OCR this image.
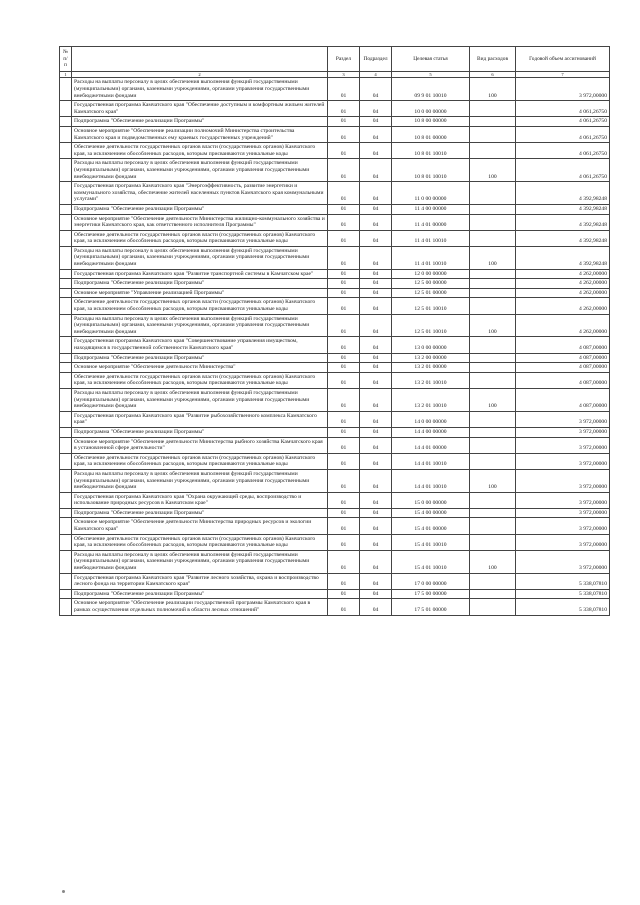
№ п/п		Раздел	Подраздел	Целевая статья	Вид расходов	Годовой объем ассигнований
1	2	3	4	5	6	7
	Расходы на выплаты персоналу в целях обеспечения выполнения функций государственными (муниципальными) органами, казенными учреждениями, органами управления государственными внебюджетными фондами	01	04	09 9 01 10010	100	3 972,00000
	Государственная программа Камчатского края "Обеспечение доступным и комфортным жильем жителей Камчатского края"	01	04	10 0 00 00000		4 061,26750
	Подпрограмма "Обеспечение реализации Программы"	01	04	10 8 00 00000		4 061,26750
	Основное мероприятие "Обеспечение реализации полномочий Министерства строительства Камчатского края и подведомственных ему краевых государственных учреждений"	01	04	10 8 01 00000		4 061,26750
	Обеспечение деятельности государственных органов власти (государственных органов) Камчатского края, за исключением обособленных расходов, которым присваиваются уникальные коды	01	04	10 8 01 10010		4 061,26750
	Расходы на выплаты персоналу в целях обеспечения выполнения функций государственными (муниципальными) органами, казенными учреждениями, органами управления государственными внебюджетными фондами	01	04	10 8 01 10010	100	4 061,26750
	Государственная программа Камчатского края "Энергоэффективность, развитие энергетики и коммунального хозяйства, обеспечение жителей населенных пунктов Камчатского края коммунальными услугами"	01	04	11 0 00 00000		4 392,98248
	Подпрограмма "Обеспечение реализации Программы"	01	04	11 4 00 00000		4 392,98248
	Основное мероприятие "Обеспечение деятельности Министерства жилищно-коммунального хозяйства и энергетики Камчатского края, как ответственного исполнителя Программы"	01	04	11 4 01 00000		4 392,98248
	Обеспечение деятельности государственных органов власти (государственных органов) Камчатского края, за исключением обособленных расходов, которым присваиваются уникальные коды	01	04	11 4 01 10010		4 392,98248
	Расходы на выплаты персоналу в целях обеспечения выполнения функций государственными (муниципальными) органами, казенными учреждениями, органами управления государственными внебюджетными фондами	01	04	11 4 01 10010	100	4 392,98248
	Государственная программа Камчатского края "Развитие транспортной системы в Камчатском крае"	01	04	12 0 00 00000		4 262,00000
	Подпрограмма "Обеспечение реализации Программы"	01	04	12 5 00 00000		4 262,00000
	Основное мероприятие "Управление реализацией Программы"	01	04	12 5 01 00000		4 262,00000
	Обеспечение деятельности государственных органов власти (государственных органов) Камчатского края, за исключением обособленных расходов, которым присваиваются уникальные коды	01	04	12 5 01 10010		4 262,00000
	Расходы на выплаты персоналу в целях обеспечения выполнения функций государственными (муниципальными) органами, казенными учреждениями, органами управления государственными внебюджетными фондами	01	04	12 5 01 10010	100	4 262,00000
	Государственная программа Камчатского края "Совершенствование управления имуществом, находящимся в государственной собственности Камчатского края"	01	04	13 0 00 00000		4 087,00000
	Подпрограмма "Обеспечение реализации Программы"	01	04	13 2 00 00000		4 087,00000
	Основное мероприятие "Обеспечение деятельности Министерства"	01	04	13 2 01 00000		4 087,00000
	Обеспечение деятельности государственных органов власти (государственных органов) Камчатского края, за исключением обособленных расходов, которым присваиваются уникальные коды	01	04	13 2 01 10010		4 087,00000
	Расходы на выплаты персоналу в целях обеспечения выполнения функций государственными (муниципальными) органами, казенными учреждениями, органами управления государственными внебюджетными фондами	01	04	13 2 01 10010	100	4 087,00000
	Государственная программа Камчатского края "Развитие рыбохозяйственного комплекса Камчатского края"	01	04	14 0 00 00000		3 972,00000
	Подпрограмма "Обеспечение реализации Программы"	01	04	14 4 00 00000		3 972,00000
	Основное мероприятие "Обеспечение деятельности Министерства рыбного хозяйства Камчатского края в установленной сфере деятельности"	01	04	14 4 01 00000		3 972,00000
	Обеспечение деятельности государственных органов власти (государственных органов) Камчатского края, за исключением обособленных расходов, которым присваиваются уникальные коды	01	04	14 4 01 10010		3 972,00000
	Расходы на выплаты персоналу в целях обеспечения выполнения функций государственными (муниципальными) органами, казенными учреждениями, органами управления государственными внебюджетными фондами	01	04	14 4 01 10010	100	3 972,00000
	Государственная программа Камчатского края "Охрана окружающей среды, воспроизводство и использование природных ресурсов в Камчатском крае"	01	04	15 0 00 00000		3 972,00000
	Подпрограмма "Обеспечение реализации Программы"	01	04	15 4 00 00000		3 972,00000
	Основное мероприятие "Обеспечение деятельности Министерства природных ресурсов и экологии Камчатского края"	01	04	15 4 01 00000		3 972,00000
	Обеспечение деятельности государственных органов власти (государственных органов) Камчатского края, за исключением обособленных расходов, которым присваиваются уникальные коды	01	04	15 4 01 10010		3 972,00000
	Расходы на выплаты персоналу в целях обеспечения выполнения функций государственными (муниципальными) органами, казенными учреждениями, органами управления государственными внебюджетными фондами	01	04	15 4 01 10010	100	3 972,00000
	Государственная программа Камчатского края "Развитие лесного хозяйства, охрана и воспроизводство лесного фонда на территории Камчатского края"	01	04	17 0 00 00000		5 338,07810
	Подпрограмма "Обеспечение реализации Программы"	01	04	17 5 00 00000		5 338,07810
	Основное мероприятие "Обеспечение реализации государственной программы Камчатского края в рамках осуществления отдельных полномочий в области лесных отношений"	01	04	17 5 01 00000		5 338,07810
